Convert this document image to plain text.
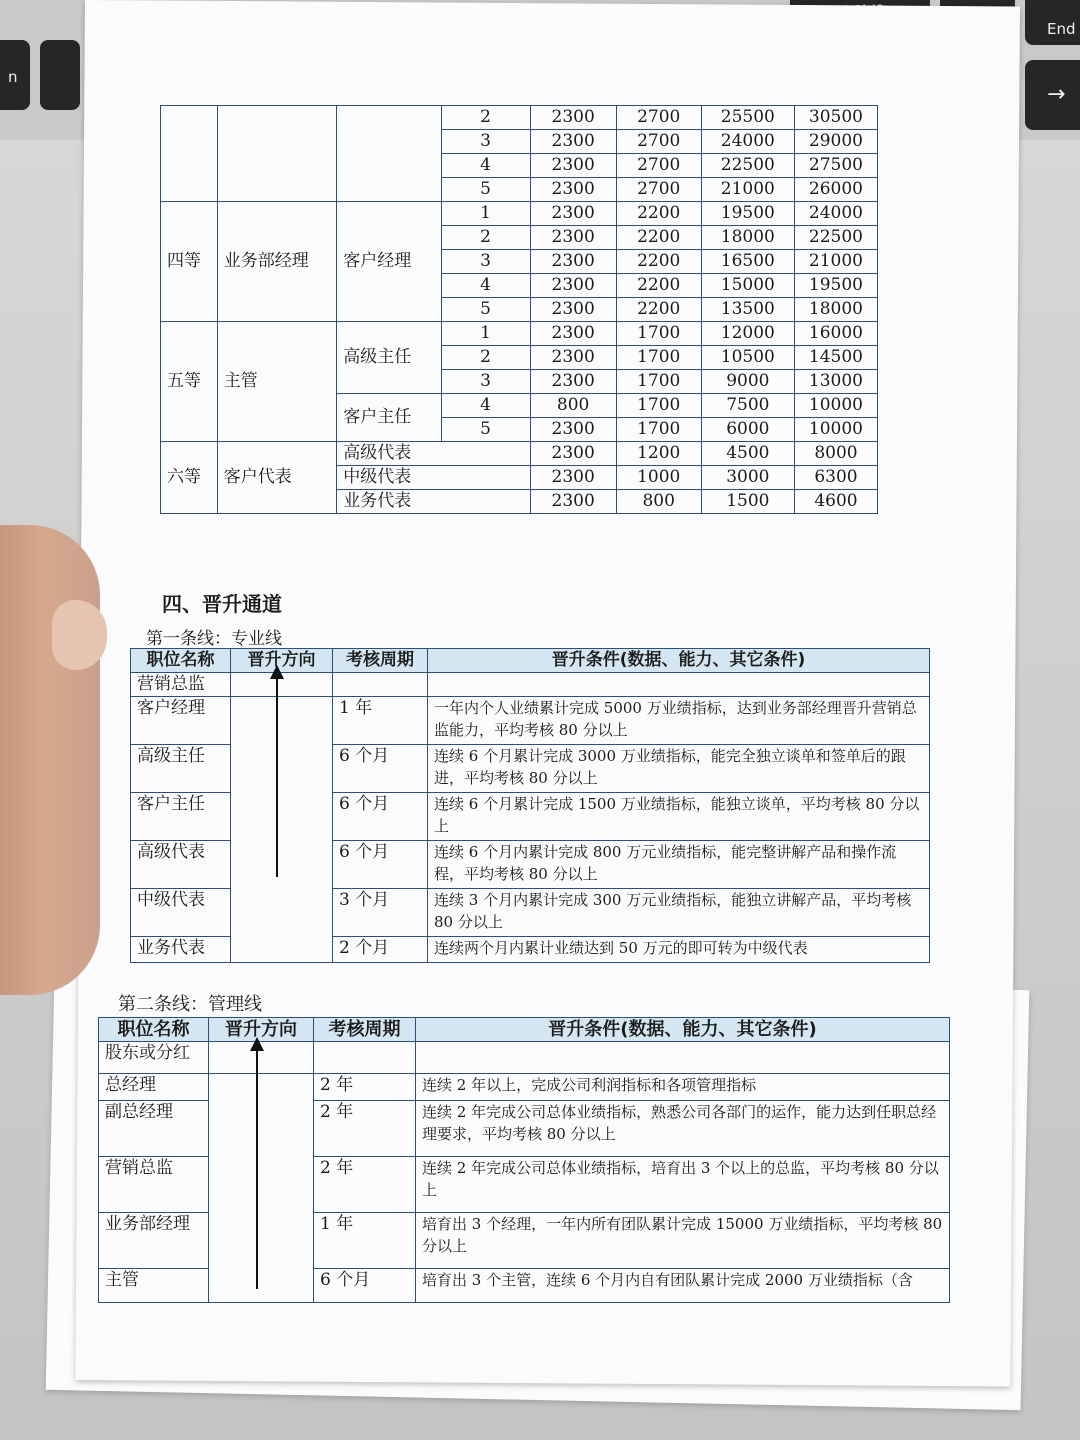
n
End
→
			2	2300	2700	25500	30500
			3	2300	2700	24000	29000
			4	2300	2700	22500	27500
			5	2300	2700	21000	26000
四等	业务部经理	客户经理	1	2300	2200	19500	24000
			2	2300	2200	18000	22500
			3	2300	2200	16500	21000
			4	2300	2200	15000	19500
			5	2300	2200	13500	18000
五等	主管	高级主任	1	2300	1700	12000	16000
			2	2300	1700	10500	14500
			3	2300	1700	9000	13000
		客户主任	4	800	1700	7500	10000
			5	2300	1700	6000	10000
六等	客户代表	高级代表		2300	1200	4500	8000
		中级代表		2300	1000	3000	6300
		业务代表		2300	800	1500	4600
四、晋升通道
第一条线：专业线
职位名称	晋升方向	考核周期	晋升条件(数据、能力、其它条件)
营销总监			
客户经理		1 年	一年内个人业绩累计完成 5000 万业绩指标，达到业务部经理晋升营销总监能力，平均考核 80 分以上
高级主任		6 个月	连续 6 个月累计完成 3000 万业绩指标，能完全独立谈单和签单后的跟进，平均考核 80 分以上
客户主任		6 个月	连续 6 个月累计完成 1500 万业绩指标，能独立谈单，平均考核 80 分以上
高级代表		6 个月	连续 6 个月内累计完成 800 万元业绩指标，能完整讲解产品和操作流程，平均考核 80 分以上
中级代表		3 个月	连续 3 个月内累计完成 300 万元业绩指标，能独立讲解产品，平均考核 80 分以上
业务代表		2 个月	连续两个月内累计业绩达到 50 万元的即可转为中级代表
第二条线：管理线
职位名称	晋升方向	考核周期	晋升条件(数据、能力、其它条件)
股东或分红			
总经理		2 年	连续 2 年以上，完成公司利润指标和各项管理指标
副总经理		2 年	连续 2 年完成公司总体业绩指标，熟悉公司各部门的运作，能力达到任职总经理要求，平均考核 80 分以上
营销总监		2 年	连续 2 年完成公司总体业绩指标，培育出 3 个以上的总监，平均考核 80 分以上
业务部经理		1 年	培育出 3 个经理，一年内所有团队累计完成 15000 万业绩指标，平均考核 80 分以上
主管		6 个月	培育出 3 个主管，连续 6 个月内自有团队累计完成 2000 万业绩指标（含
